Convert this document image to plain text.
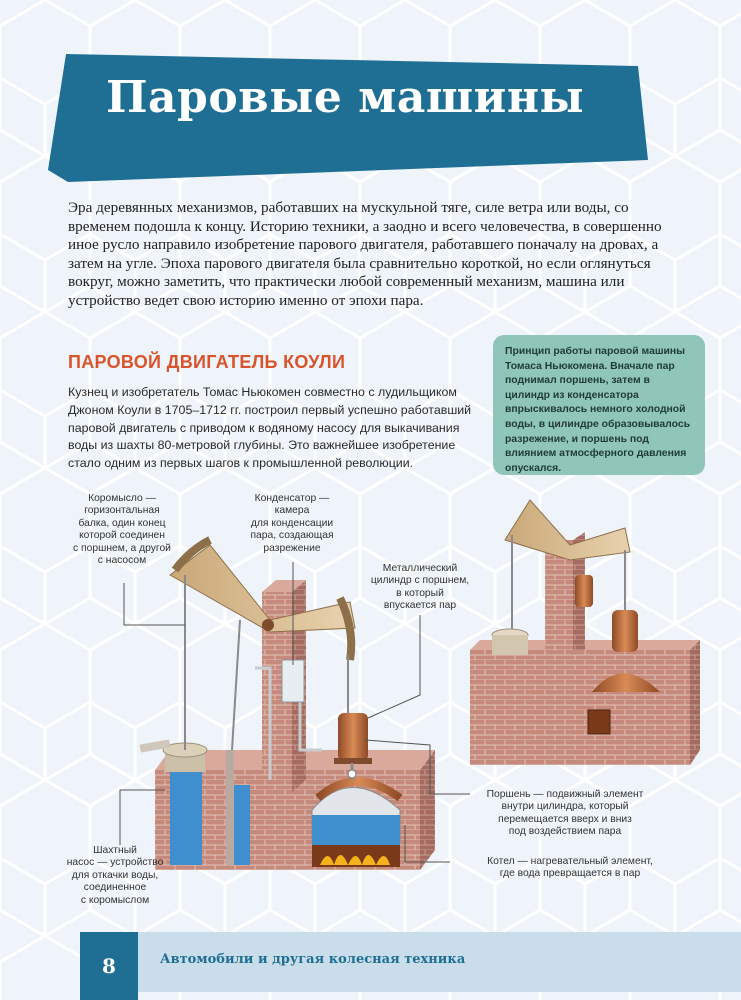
Паровые машины

Эра деревянных механизмов, работавших на мускульной тяге, силе ветра или воды, со временем подошла к концу. Историю техники, а заодно и всего человечества, в совершенно иное русло направило изобретение парового двигателя, работавшего поначалу на дровах, а затем на угле. Эпоха парового двигателя была сравнительно короткой, но если оглянуться вокруг, можно заметить, что практически любой современный механизм, машина или устройство ведет свою историю именно от эпохи пара.

ПАРОВОЙ ДВИГАТЕЛЬ КОУЛИ

Кузнец и изобретатель Томас Ньюкомен совместно с лудильщиком Джоном Коули в 1705–1712 гг. построил первый успешно работавший паровой двигатель с приводом к водяному насосу для выкачивания воды из шахты 80-метровой глубины. Это важнейшее изобретение стало одним из первых шагов к промышленной революции.

Принцип работы паровой машины Томаса Ньюкомена. Вначале пар поднимал поршень, затем в цилиндр из конденсатора впрыскивалось немного холодной воды, в цилиндре образовывалось разрежение, и поршень под влиянием атмосферного давления опускался.

Коромысло —
горизонтальная
балка, один конец
которой соединен
с поршнем, а другой
с насосом

Конденсатор —
камера
для конденсации
пара, создающая
разрежение

Металлический
цилиндр с поршнем,
в который
впускается пар

Поршень — подвижный элемент
внутри цилиндра, который
перемещается вверх и вниз
под воздействием пара

Котел — нагревательный элемент,
где вода превращается в пар

Шахтный
насос — устройство
для откачки воды,
соединенное
с коромыслом

8	Автомобили и другая колесная техника
